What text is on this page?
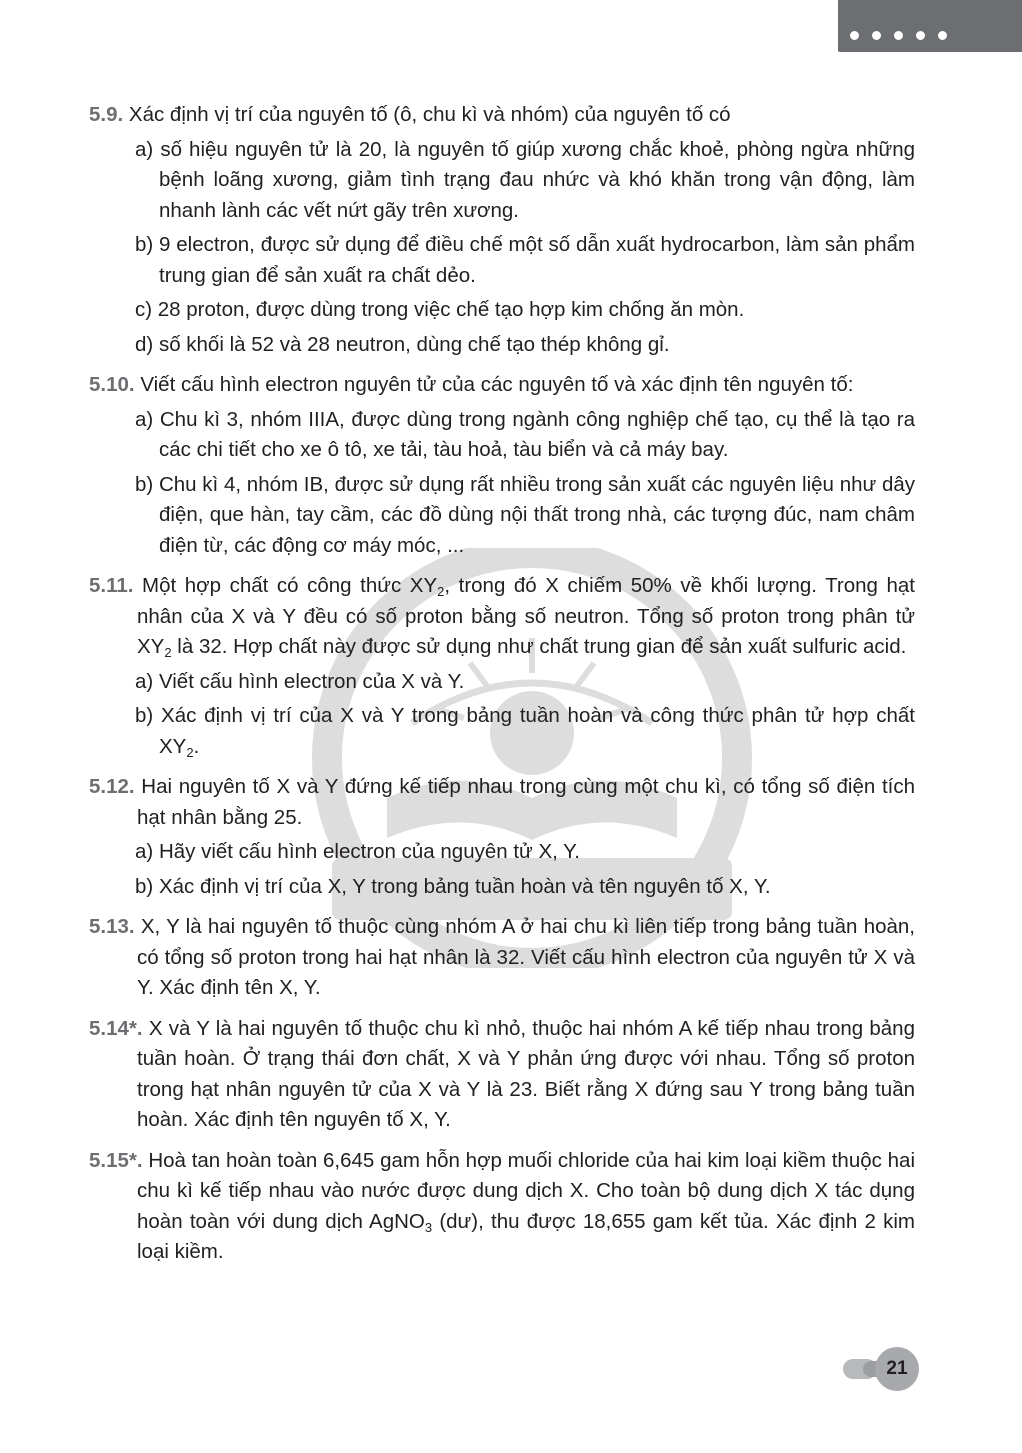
5.9. Xác định vị trí của nguyên tố (ô, chu kì và nhóm) của nguyên tố có
a) số hiệu nguyên tử là 20, là nguyên tố giúp xương chắc khoẻ, phòng ngừa những bệnh loãng xương, giảm tình trạng đau nhức và khó khăn trong vận động, làm nhanh lành các vết nứt gãy trên xương.
b) 9 electron, được sử dụng để điều chế một số dẫn xuất hydrocarbon, làm sản phẩm trung gian để sản xuất ra chất dẻo.
c) 28 proton, được dùng trong việc chế tạo hợp kim chống ăn mòn.
d) số khối là 52 và 28 neutron, dùng chế tạo thép không gỉ.
5.10. Viết cấu hình electron nguyên tử của các nguyên tố và xác định tên nguyên tố:
a) Chu kì 3, nhóm IIIA, được dùng trong ngành công nghiệp chế tạo, cụ thể là tạo ra các chi tiết cho xe ô tô, xe tải, tàu hoả, tàu biển và cả máy bay.
b) Chu kì 4, nhóm IB, được sử dụng rất nhiều trong sản xuất các nguyên liệu như dây điện, que hàn, tay cầm, các đồ dùng nội thất trong nhà, các tượng đúc, nam châm điện từ, các động cơ máy móc, ...
5.11. Một hợp chất có công thức $XY_2$, trong đó X chiếm 50% về khối lượng. Trong hạt nhân của X và Y đều có số proton bằng số neutron. Tổng số proton trong phân tử $XY_2$ là 32. Hợp chất này được sử dụng như chất trung gian để sản xuất sulfuric acid.
a) Viết cấu hình electron của X và Y.
b) Xác định vị trí của X và Y trong bảng tuần hoàn và công thức phân tử hợp chất $XY_2$.
5.12. Hai nguyên tố X và Y đứng kế tiếp nhau trong cùng một chu kì, có tổng số điện tích hạt nhân bằng 25.
a) Hãy viết cấu hình electron của nguyên tử X, Y.
b) Xác định vị trí của X, Y trong bảng tuần hoàn và tên nguyên tố X, Y.
5.13. X, Y là hai nguyên tố thuộc cùng nhóm A ở hai chu kì liên tiếp trong bảng tuần hoàn, có tổng số proton trong hai hạt nhân là 32. Viết cấu hình electron của nguyên tử X và Y. Xác định tên X, Y.
5.14*. X và Y là hai nguyên tố thuộc chu kì nhỏ, thuộc hai nhóm A kế tiếp nhau trong bảng tuần hoàn. Ở trạng thái đơn chất, X và Y phản ứng được với nhau. Tổng số proton trong hạt nhân nguyên tử của X và Y là 23. Biết rằng X đứng sau Y trong bảng tuần hoàn. Xác định tên nguyên tố X, Y.
5.15*. Hoà tan hoàn toàn 6,645 gam hỗn hợp muối chloride của hai kim loại kiềm thuộc hai chu kì kế tiếp nhau vào nước được dung dịch X. Cho toàn bộ dung dịch X tác dụng hoàn toàn với dung dịch AgNO$_3$ (dư), thu được 18,655 gam kết tủa. Xác định 2 kim loại kiềm.
21
